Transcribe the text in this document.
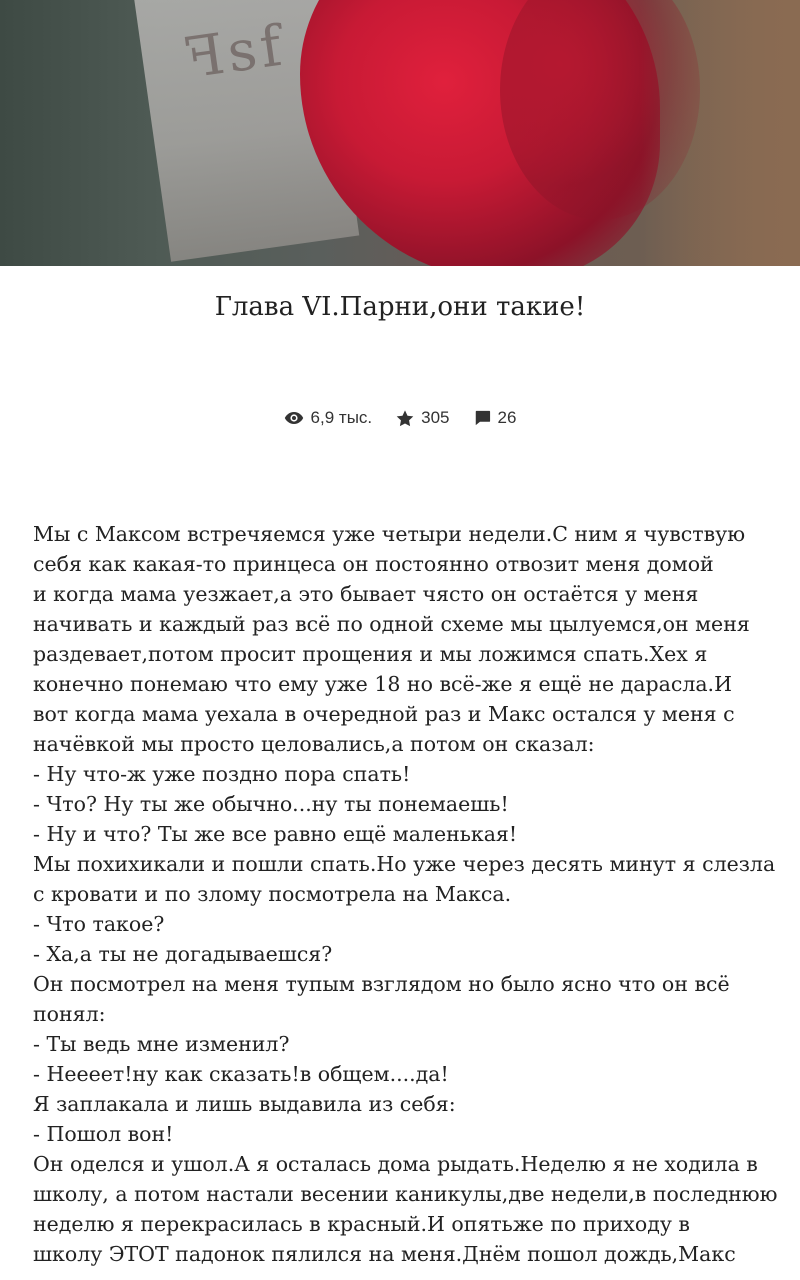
ꟻsf
Глава VI.Парни,они такие!
6,9 тыс.	305	26
Мы с Максом встречяемся уже четыри недели.С ним я чувствую
себя как какая-то принцеса он постоянно отвозит меня домой
и когда мама уезжает,а это бывает чясто он остаётся у меня
начивать и каждый раз всё по одной схеме мы цылуемся,он меня
раздевает,потом просит прощения и мы ложимся спать.Хех я
конечно понемаю что ему уже 18 но всё-же я ещё не дарасла.И
вот когда мама уехала в очередной раз и Макс остался у меня с
начёвкой мы просто целовались,а потом он сказал:
- Ну что-ж уже поздно пора спать!
- Что? Ну ты же обычно...ну ты понемаешь!
- Ну и что? Ты же все равно ещё маленькая!
Мы похихикали и пошли спать.Но уже через десять минут я слезла
с кровати и по злому посмотрела на Макса.
- Что такое?
- Ха,а ты не догадываешся?
Он посмотрел на меня тупым взглядом но было ясно что он всё
понял:
- Ты ведь мне изменил?
- Неееет!ну как сказать!в общем....да!
Я заплакала и лишь выдавила из себя:
- Пошол вон!
Он оделся и ушол.А я осталась дома рыдать.Неделю я не ходила в
школу, а потом настали весении каникулы,две недели,в последнюю
неделю я перекрасилась в красный.И опятьже по приходу в
школу ЭТОТ падонок пялился на меня.Днём пошол дождь,Макс
